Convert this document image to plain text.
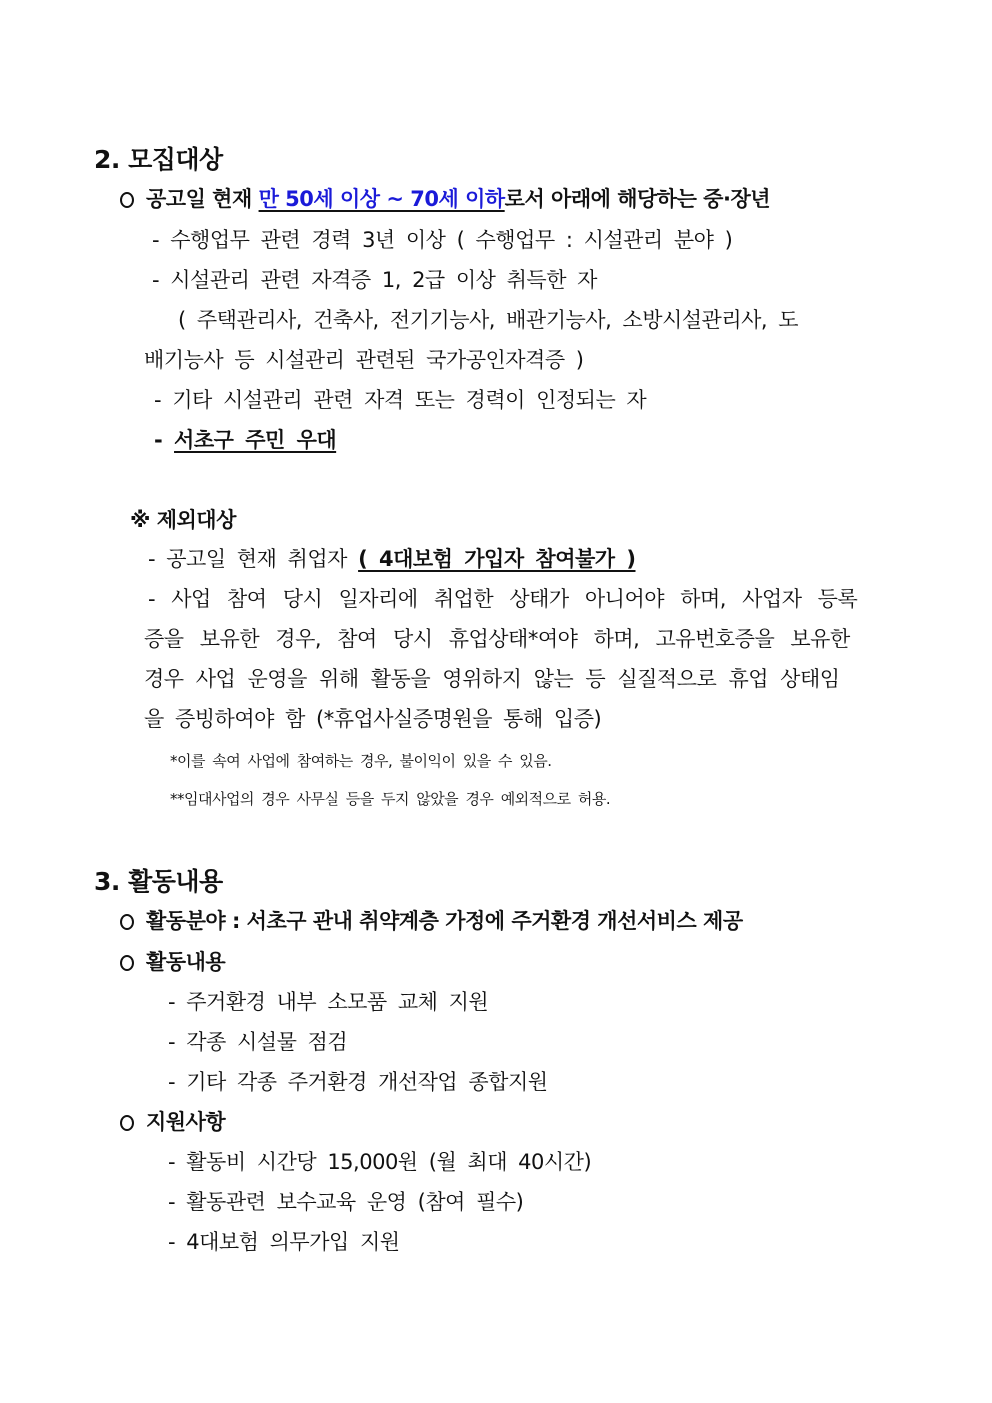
2. 모집대상
공고일 현재 만 50세 이상 ~ 70세 이하로서 아래에 해당하는 중·장년
- 수행업무 관련 경력 3년 이상 ( 수행업무 : 시설관리 분야 )
- 시설관리 관련 자격증 1, 2급 이상 취득한 자
( 주택관리사, 건축사, 전기기능사, 배관기능사, 소방시설관리사, 도
배기능사 등 시설관리 관련된 국가공인자격증 )
- 기타 시설관리 관련 자격 또는 경력이 인정되는 자
- 서초구 주민 우대
※ 제외대상
- 공고일 현재 취업자 ( 4대보험 가입자 참여불가 )
- 사업 참여 당시 일자리에 취업한 상태가 아니어야 하며, 사업자 등록
증을 보유한 경우, 참여 당시 휴업상태*여야 하며, 고유번호증을 보유한
경우 사업 운영을 위해 활동을 영위하지 않는 등 실질적으로 휴업 상태임
을 증빙하여야 함 (*휴업사실증명원을 통해 입증)
*이를 속여 사업에 참여하는 경우, 불이익이 있을 수 있음.
**임대사업의 경우 사무실 등을 두지 않았을 경우 예외적으로 허용.
3. 활동내용
활동분야 : 서초구 관내 취약계층 가정에 주거환경 개선서비스 제공
활동내용
- 주거환경 내부 소모품 교체 지원
- 각종 시설물 점검
- 기타 각종 주거환경 개선작업 종합지원
지원사항
- 활동비 시간당 15,000원 (월 최대 40시간)
- 활동관련 보수교육 운영 (참여 필수)
- 4대보험 의무가입 지원
